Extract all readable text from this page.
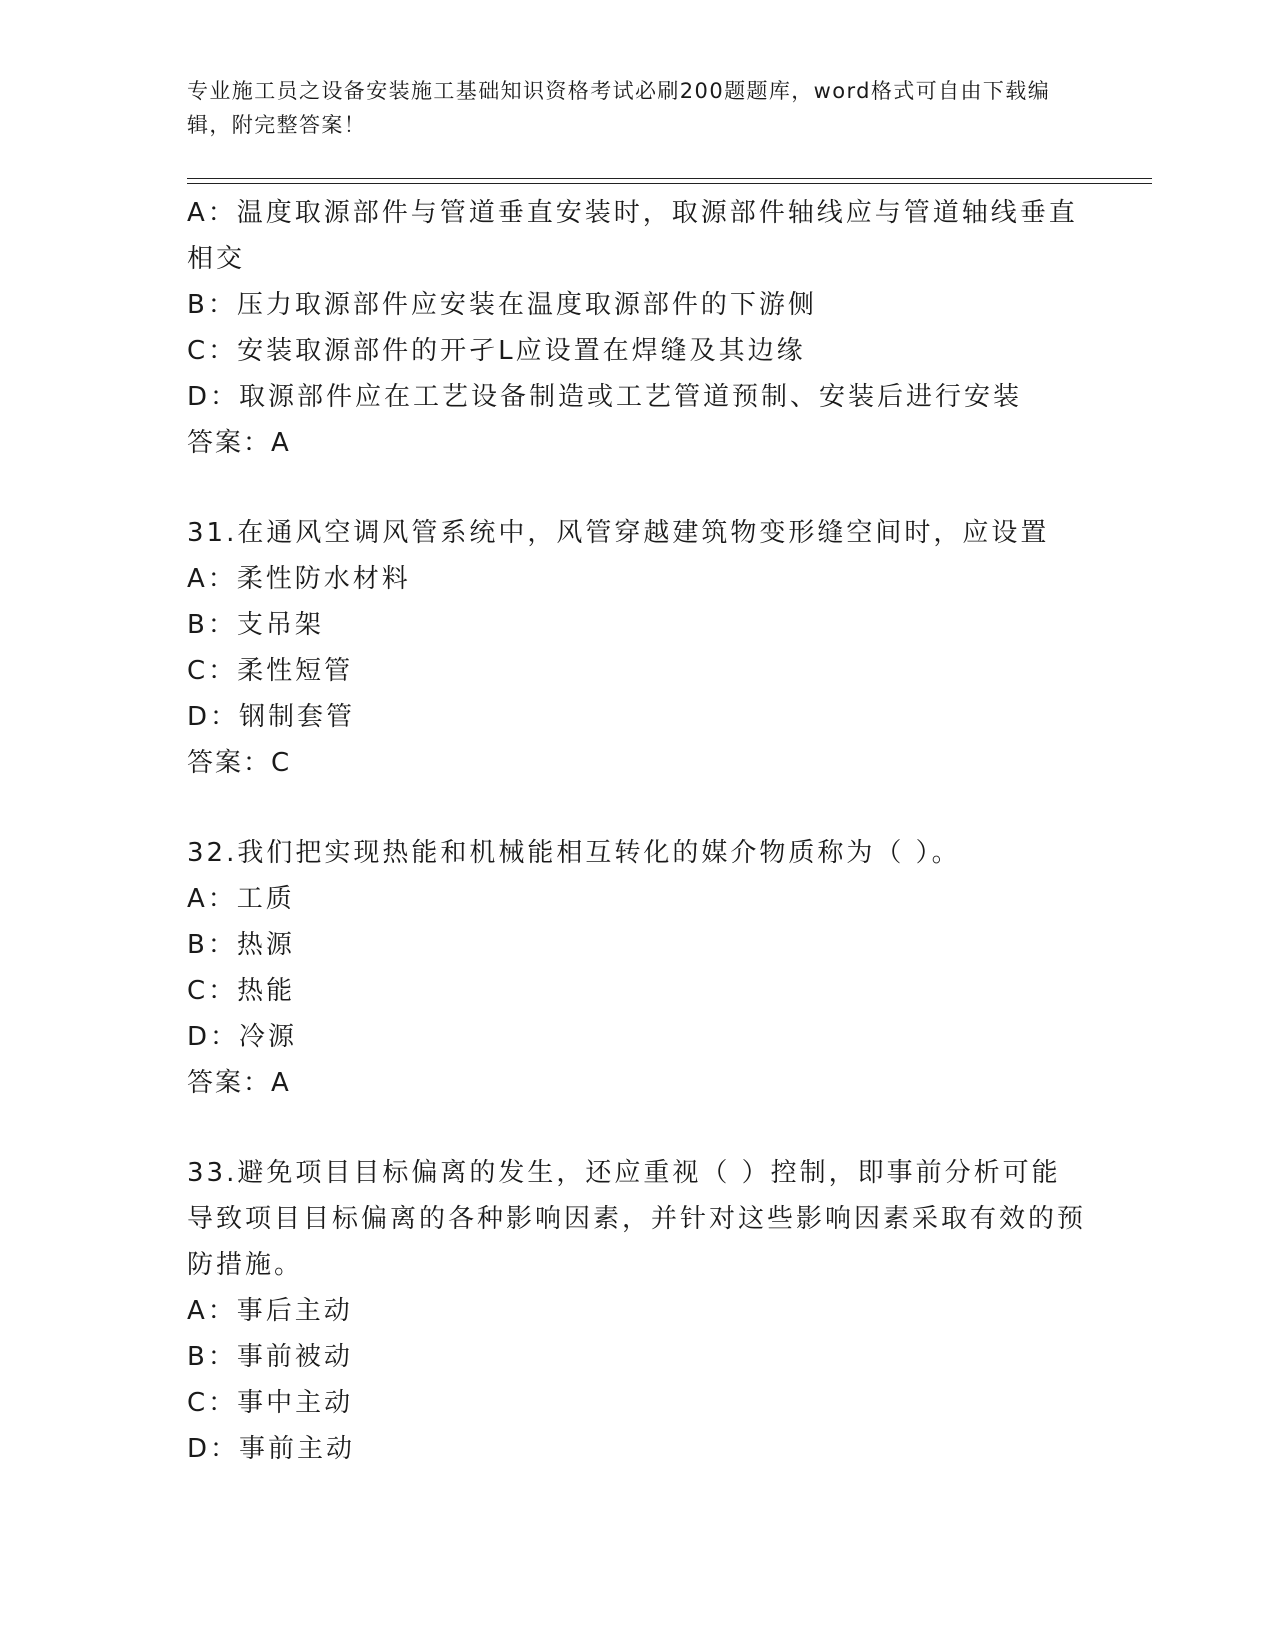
专业施工员之设备安装施工基础知识资格考试必刷200题题库，word格式可自由下载编辑，附完整答案！
A：温度取源部件与管道垂直安装时，取源部件轴线应与管道轴线垂直相交
B：压力取源部件应安装在温度取源部件的下游侧
C：安装取源部件的开孑L应设置在焊缝及其边缘
D：取源部件应在工艺设备制造或工艺管道预制、安装后进行安装
答案：A
31.在通风空调风管系统中，风管穿越建筑物变形缝空间时，应设置
A：柔性防水材料
B：支吊架
C：柔性短管
D：钢制套管
答案：C
32.我们把实现热能和机械能相互转化的媒介物质称为（ ）。
A：工质
B：热源
C：热能
D：冷源
答案：A
33.避免项目目标偏离的发生，还应重视（ ）控制，即事前分析可能导致项目目标偏离的各种影响因素，并针对这些影响因素采取有效的预防措施。
A：事后主动
B：事前被动
C：事中主动
D：事前主动
